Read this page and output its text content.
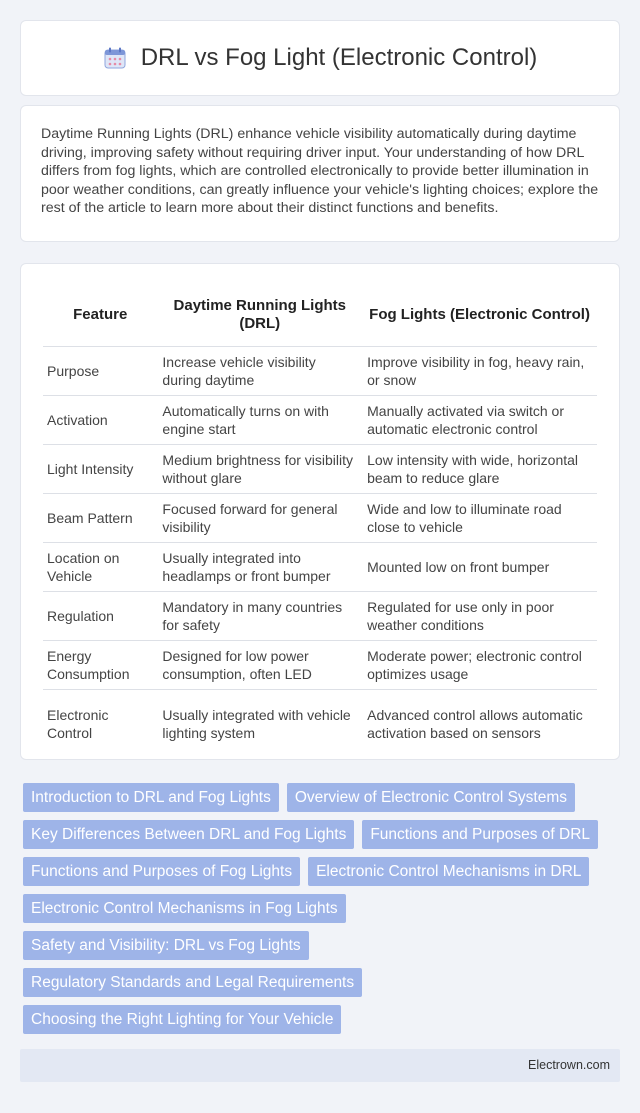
DRL vs Fog Light (Electronic Control)

Daytime Running Lights (DRL) enhance vehicle visibility automatically during daytime driving, improving safety without requiring driver input. Your understanding of how DRL differs from fog lights, which are controlled electronically to provide better illumination in poor weather conditions, can greatly influence your vehicle's lighting choices; explore the rest of the article to learn more about their distinct functions and benefits.

Feature	Daytime Running Lights (DRL)	Fog Lights (Electronic Control)
Purpose	Increase vehicle visibility during daytime	Improve visibility in fog, heavy rain, or snow
Activation	Automatically turns on with engine start	Manually activated via switch or automatic electronic control
Light Intensity	Medium brightness for visibility without glare	Low intensity with wide, horizontal beam to reduce glare
Beam Pattern	Focused forward for general visibility	Wide and low to illuminate road close to vehicle
Location on Vehicle	Usually integrated into headlamps or front bumper	Mounted low on front bumper
Regulation	Mandatory in many countries for safety	Regulated for use only in poor weather conditions
Energy Consumption	Designed for low power consumption, often LED	Moderate power; electronic control optimizes usage
Electronic Control	Usually integrated with vehicle lighting system	Advanced control allows automatic activation based on sensors
Introduction to DRL and Fog Lights	Overview of Electronic Control Systems
Key Differences Between DRL and Fog Lights	Functions and Purposes of DRL
Functions and Purposes of Fog Lights	Electronic Control Mechanisms in DRL
Electronic Control Mechanisms in Fog Lights
Safety and Visibility: DRL vs Fog Lights
Regulatory Standards and Legal Requirements
Choosing the Right Lighting for Your Vehicle
Electrown.com
